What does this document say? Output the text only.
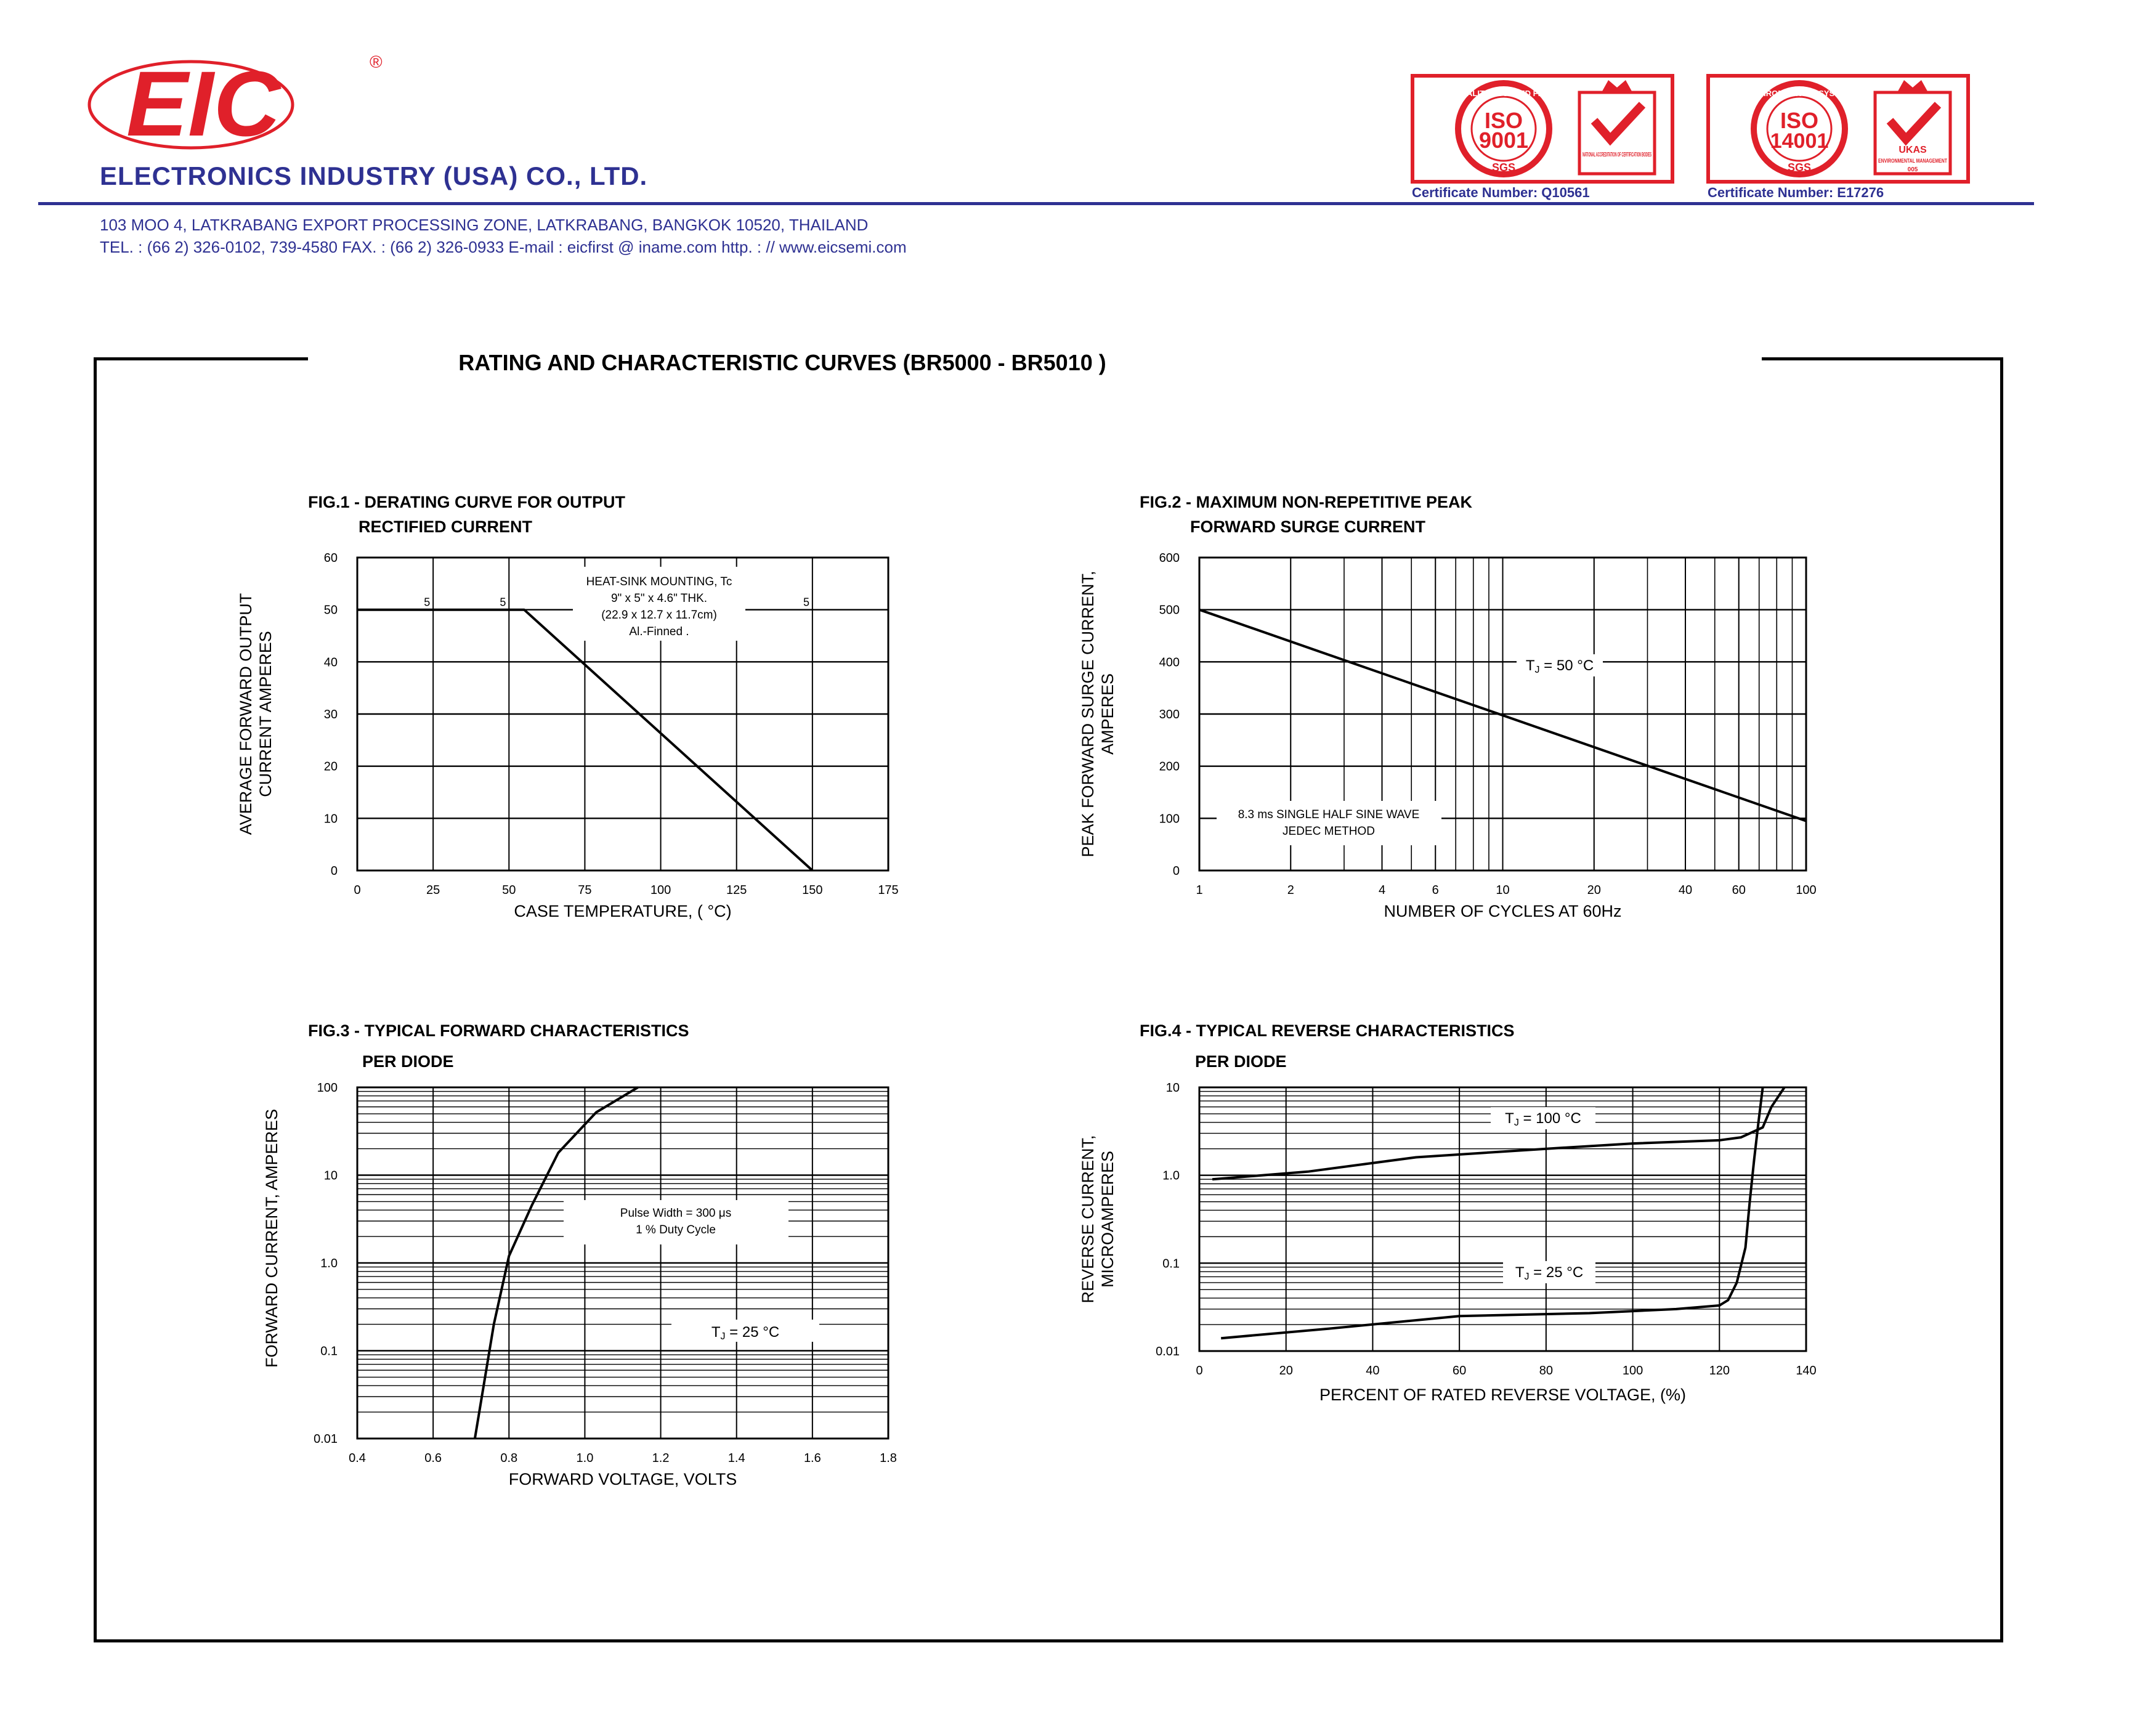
EIC	®
ELECTRONICS INDUSTRY (USA) CO., LTD.
QUALITY ASSURED FIRM
ISO
9001
SGS
NATIONAL ACCREDITATION OF CERTIFICATION BODIES
Certificate Number: Q10561
ENVIRONMENTAL SYSTEM
ISO
14001
SGS
UKAS
ENVIRONMENTAL MANAGEMENT
005
Certificate Number: E17276
103 MOO 4, LATKRABANG EXPORT PROCESSING ZONE, LATKRABANG, BANGKOK 10520, THAILAND
TEL. : (66 2) 326-0102, 739-4580 FAX. : (66 2) 326-0933 E-mail : eicfirst @ iname.com http. : // www.eicsemi.com
RATING AND CHARACTERISTIC CURVES (BR5000 - BR5010 )
FIG.1 - DERATING CURVE FOR OUTPUT
RECTIFIED CURRENT
FIG.2 - MAXIMUM NON-REPETITIVE PEAK
FORWARD SURGE CURRENT
FIG.3 - TYPICAL FORWARD CHARACTERISTICS
PER DIODE
FIG.4 - TYPICAL REVERSE CHARACTERISTICS
PER DIODE
0	25	50	75	100	125	150	175
0
10
20
30
40
50
60
CASE TEMPERATURE, ( °C)
AVERAGE FORWARD OUTPUT CURRENT AMPERES
1	2	4	6	10	20	40	60	100
0
100
200
300
400
500
600
NUMBER OF CYCLES AT 60Hz
PEAK FORWARD SURGE CURRENT, AMPERES
0.4	0.6	0.8	1.0	1.2	1.4	1.6	1.8
0.01
0.1
1.0
10
100
FORWARD VOLTAGE, VOLTS
FORWARD CURRENT, AMPERES
0	20	40	60	80	100	120	140
0.01
0.1
1.0
10
PERCENT OF RATED REVERSE VOLTAGE, (%)
REVERSE CURRENT, MICROAMPERES
HEAT-SINK MOUNTING, Tc
9" x 5" x 4.6" THK.
(22.9 x 12.7 x 11.7cm)
Al.-Finned .
5	5	5
8.3 ms SINGLE HALF SINE WAVE
JEDEC METHOD
TJ = 50 °C
Pulse Width = 300 μs
1 % Duty Cycle
TJ = 25 °C
TJ = 100 °C
TJ = 25 °C
